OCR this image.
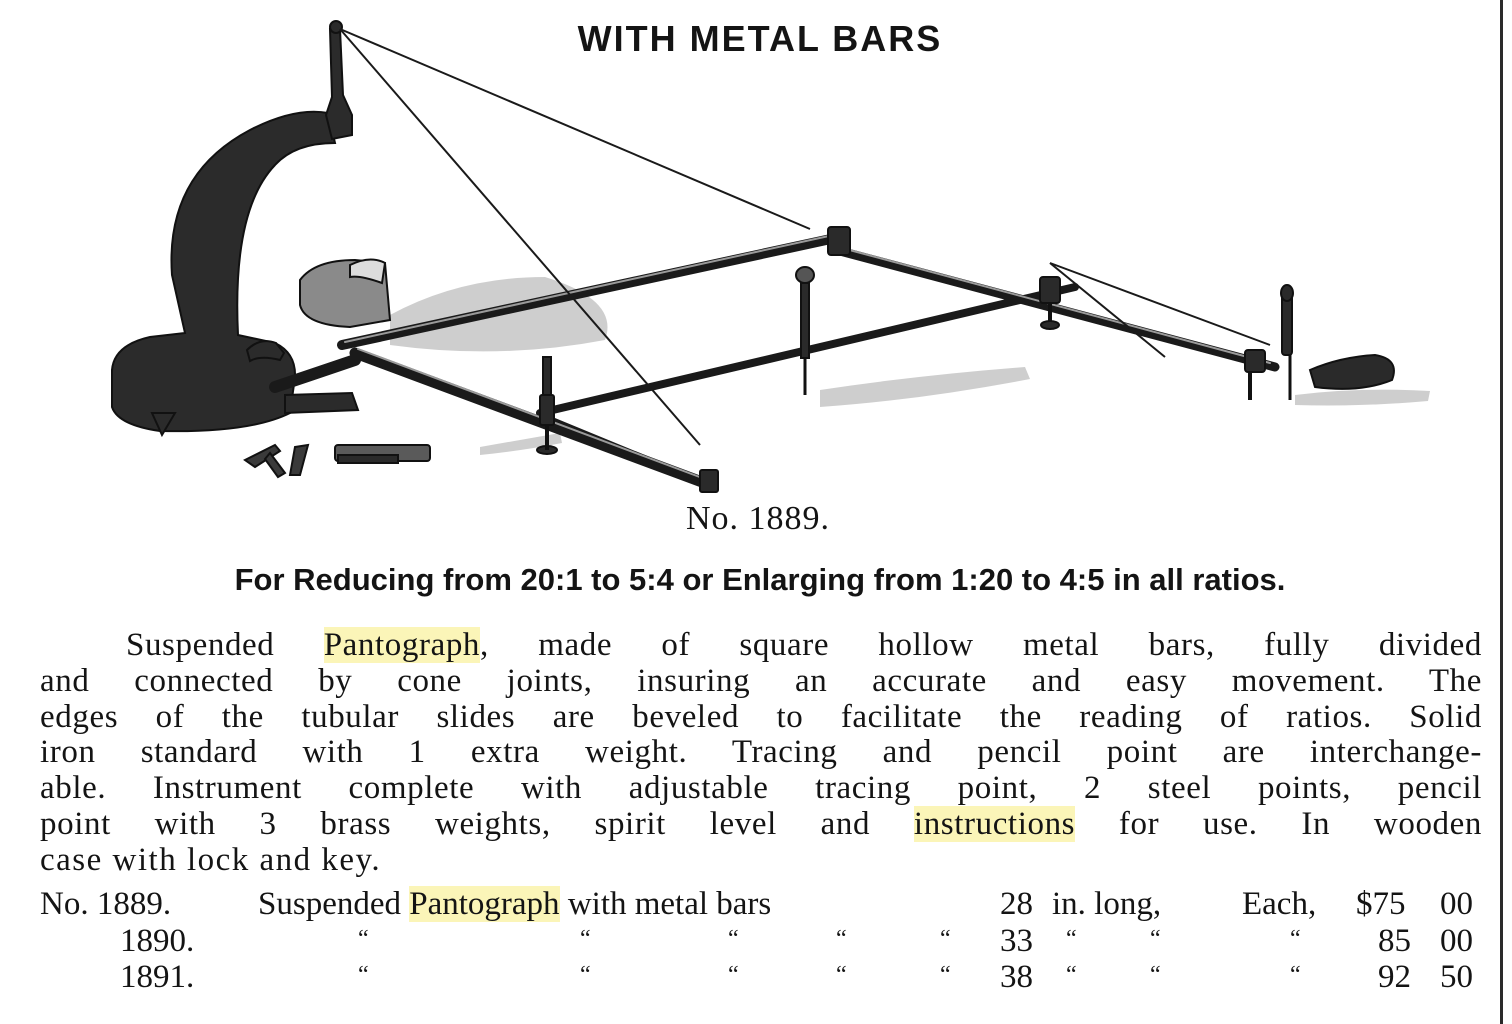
WITH METAL BARS
No. 1889.
For Reducing from 20:1 to 5:4 or Enlarging from 1:20 to 4:5 in all ratios.
Suspended Pantograph, made of square hollow metal bars, fully divided
and connected by cone joints, insuring an accurate and easy movement. The
edges of the tubular slides are beveled to facilitate the reading of ratios. Solid
iron standard with 1 extra weight. Tracing and pencil point are interchange-
able. Instrument complete with adjustable tracing point, 2 steel points, pencil
point with 3 brass weights, spirit level and instructions for use. In wooden
case with lock and key.
No. 1889.	Suspended Pantograph with metal bars	28 in. long, Each, $75 00
1890.	“	“	“	“	“ 33 “	“	“ 85 00
1891.	“	“	“	“	“ 38 “	“	“ 92 50
